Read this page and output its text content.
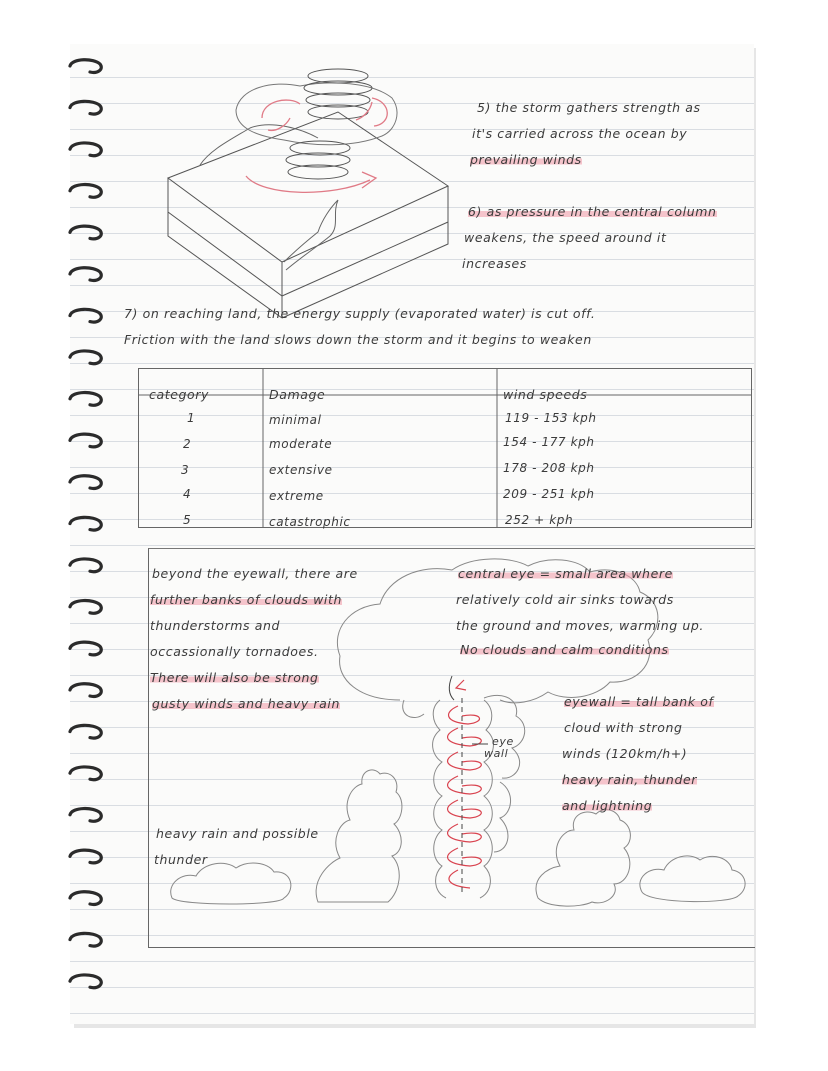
5) the storm gathers strength as
it's carried across the ocean by
prevailing winds
6) as pressure in the central column
weakens, the speed around it
increases
7) on reaching land, the energy supply (evaporated water) is cut off.
Friction with the land slows down the storm and it begins to weaken
category	Damage	wind speeds
1	minimal	119 - 153 kph
2	moderate	154 - 177 kph
3	extensive	178 - 208 kph
4	extreme	209 - 251 kph
5	catastrophic	252 + kph
beyond the eyewall, there are
further banks of clouds with
thunderstorms and
occassionally tornadoes.
There will also be strong
gusty winds and heavy rain
central eye = small area where
relatively cold air sinks towards
the ground and moves, warming up.
No clouds and calm conditions
eye
wall
eyewall = tall bank of
cloud with strong
winds (120km/h+)
heavy rain, thunder
and lightning
heavy rain and possible
thunder
